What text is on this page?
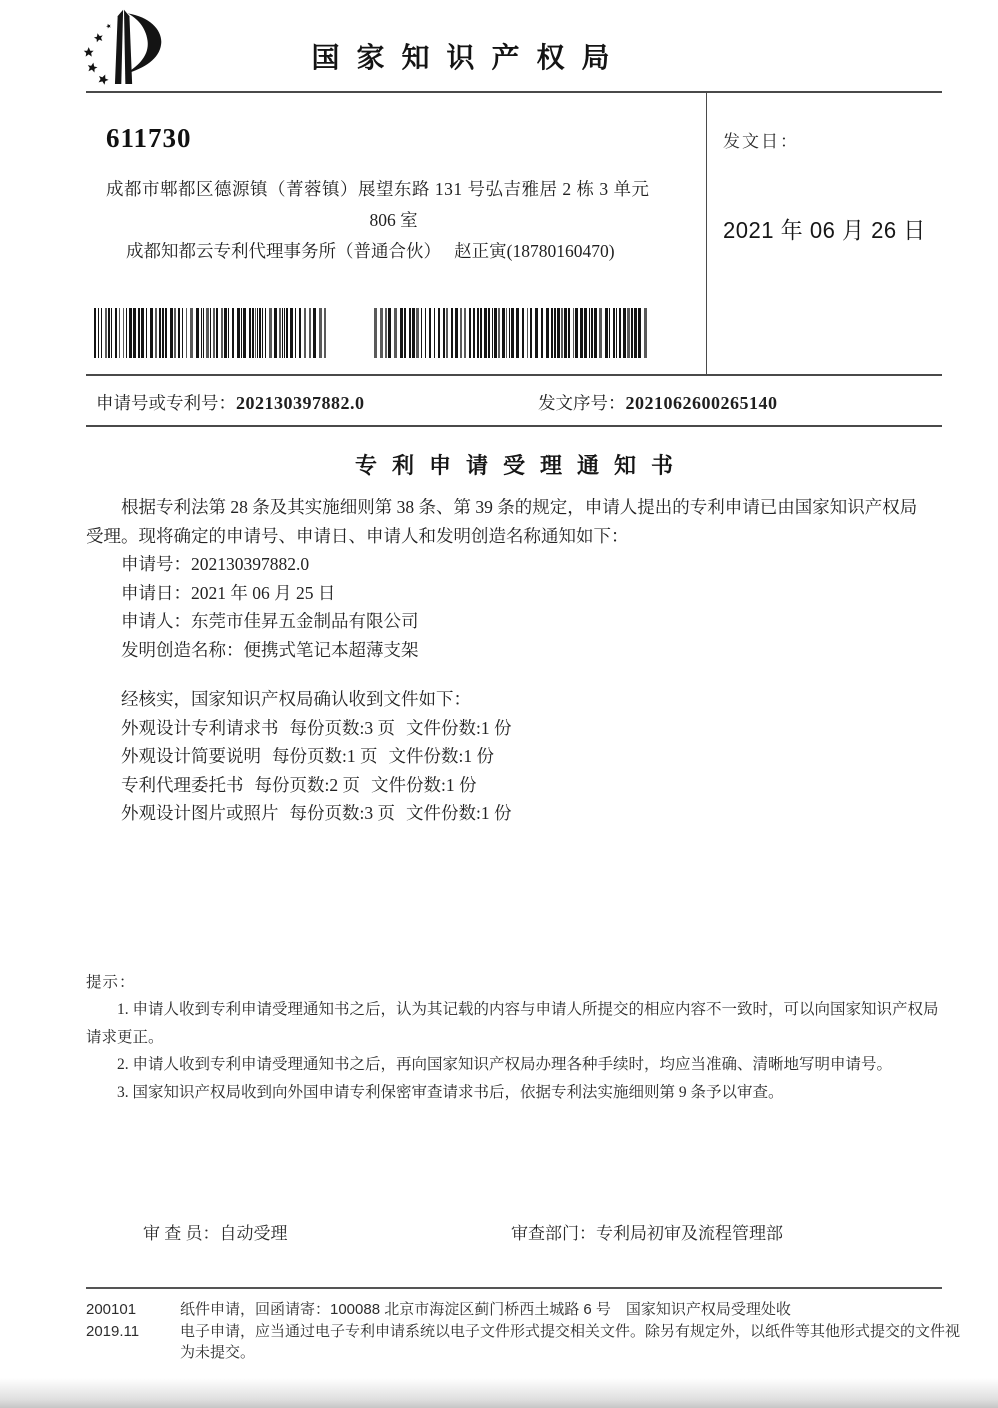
国家知识产权局
611730
成都市郫都区德源镇（菁蓉镇）展望东路 131 号弘吉雅居 2 栋 3 单元
806 室
成都知都云专利代理事务所（普通合伙）　 赵正寅(18780160470)
发文日：
2021 年 06 月 26 日
申请号或专利号：202130397882.0	发文序号：2021062600265140
专利申请受理通知书

根据专利法第 28 条及其实施细则第 38 条、第 39 条的规定，申请人提出的专利申请已由国家知识产权局受理。现将确定的申请号、申请日、申请人和发明创造名称通知如下：

申请号：202130397882.0

申请日：2021 年 06 月 25 日

申请人：东莞市佳昇五金制品有限公司

发明创造名称：便携式笔记本超薄支架

经核实，国家知识产权局确认收到文件如下：

外观设计专利请求书 每份页数:3 页 文件份数:1 份

外观设计简要说明 每份页数:1 页 文件份数:1 份

专利代理委托书 每份页数:2 页 文件份数:1 份

外观设计图片或照片 每份页数:3 页 文件份数:1 份

提示：

1. 申请人收到专利申请受理通知书之后，认为其记载的内容与申请人所提交的相应内容不一致时，可以向国家知识产权局请求更正。

2. 申请人收到专利申请受理通知书之后，再向国家知识产权局办理各种手续时，均应当准确、清晰地写明申请号。

3. 国家知识产权局收到向外国申请专利保密审查请求书后，依据专利法实施细则第 9 条予以审查。

审 查 员：自动受理	审查部门：专利局初审及流程管理部
200101
2019.11
纸件申请，回函请寄：100088 北京市海淀区蓟门桥西土城路 6 号　国家知识产权局受理处收
电子申请，应当通过电子专利申请系统以电子文件形式提交相关文件。除另有规定外，以纸件等其他形式提交的文件视为未提交。
